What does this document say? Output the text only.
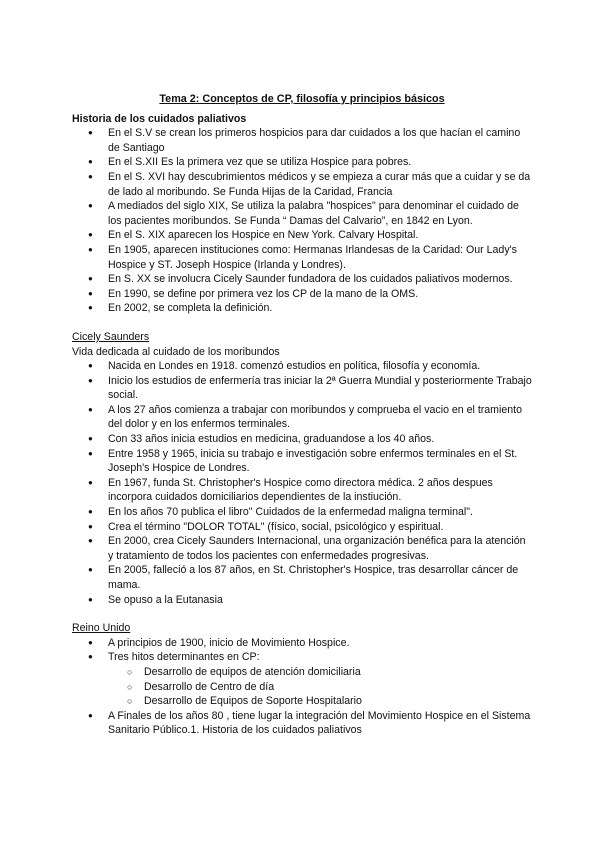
Tema 2: Conceptos de CP, filosofía y principios básicos

Historia de los cuidados paliativos

● En el S.V se crean los primeros hospicios para dar cuidados a los que hacían el camino de Santiago
● En el S.XII Es la primera vez que se utiliza Hospice para pobres.
● En el S. XVI hay descubrimientos médicos y se empieza a curar más que a cuidar y se da de lado al moribundo. Se Funda Hijas de la Caridad, Francia
● A mediados del siglo XIX, Se utiliza la palabra "hospices" para denominar el cuidado de los pacientes moribundos. Se Funda “ Damas del Calvario”, en 1842 en Lyon.
● En el S. XIX aparecen los Hospice en New York. Calvary Hospital.
● En 1905, aparecen instituciones como: Hermanas Irlandesas de la Caridad: Our Lady's Hospice y ST. Joseph Hospice (Irlanda y Londres).
● En S. XX se involucra Cicely Saunder fundadora de los cuidados paliativos modernos.
● En 1990, se define por primera vez los CP de la mano de la OMS.
● En 2002, se completa la definición.

Cicely Saunders

Vida dedicada al cuidado de los moribundos

● Nacida en Londes en 1918. comenzó estudios en política, filosofía y economía.
● Inicio los estudios de enfermería tras iniciar la 2ª Guerra Mundial y posteriormente Trabajo social.
● A los 27 años comienza a trabajar con moribundos y comprueba el vacio en el tramiento del dolor y en los enfermos terminales.
● Con 33 años inicia estudios en medicina, graduandose a los 40 años.
● Entre 1958 y 1965, inicia su trabajo e investigación sobre enfermos terminales en el St. Joseph's Hospice de Londres.
● En 1967, funda St. Christopher's Hospice como directora médica. 2 años despues incorpora cuidados domiciliarios dependientes de la instiución.
● En los años 70 publica el libro" Cuidados de la enfermedad maligna terminal".
● Crea el término "DOLOR TOTAL" (físico, social, psicológico y espiritual.
● En 2000, crea Cicely Saunders Internacional, una organización benéfica para la atención y tratamiento de todos los pacientes con enfermedades progresivas.
● En 2005, falleció a los 87 años, en St. Christopher's Hospice, tras desarrollar cáncer de mama.
● Se opuso a la Eutanasia

Reino Unido

● A principios de 1900, inicio de Movimiento Hospice.
● Tres hitos determinantes en CP:
○ Desarrollo de equipos de atención domiciliaria
○ Desarrollo de Centro de día
○ Desarrollo de Equipos de Soporte Hospitalario
● A Finales de los años 80 , tiene lugar la integración del Movimiento Hospice en el Sistema Sanitario Público.1. Historia de los cuidados paliativos
